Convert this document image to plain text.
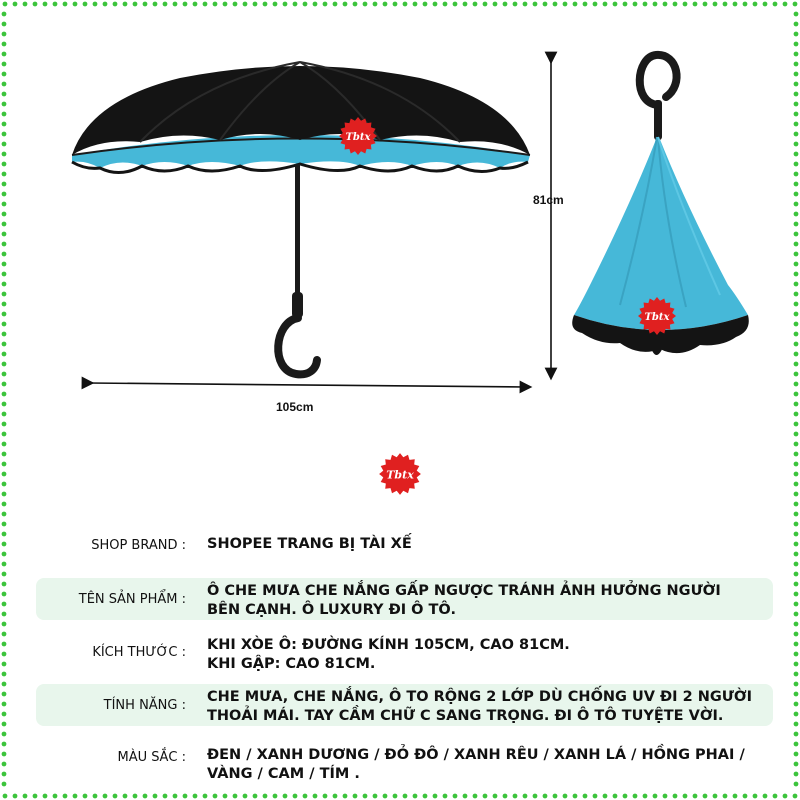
105cm
81cm
Tbtx
Tbtx
Tbtx
SHOP BRAND : SHOPEE TRANG BỊ TÀI XẾ
TÊN SẢN PHẨM :
Ô CHE MƯA CHE NẮNG GẤP NGƯỢC TRÁNH ẢNH HƯỞNG NGƯỜI
BÊN CẠNH. Ô LUXURY ĐI Ô TÔ.
KÍCH THƯỚC : KHI XÒE Ô: ĐƯỜNG KÍNH 105CM, CAO 81CM.
KHI GẬP: CAO 81CM.
TÍNH NĂNG :
CHE MƯA, CHE NẮNG, Ô TO RỘNG 2 LỚP DÙ CHỐNG UV ĐI 2 NGƯỜI
THOẢI MÁI. TAY CẦM CHỮ C SANG TRỌNG. ĐI Ô TÔ TUYỆTE VỜI.
MÀU SẮC : ĐEN / XANH DƯƠNG / ĐỎ ĐÔ / XANH RÊU / XANH LÁ / HỒNG PHAI /
VÀNG / CAM / TÍM .
